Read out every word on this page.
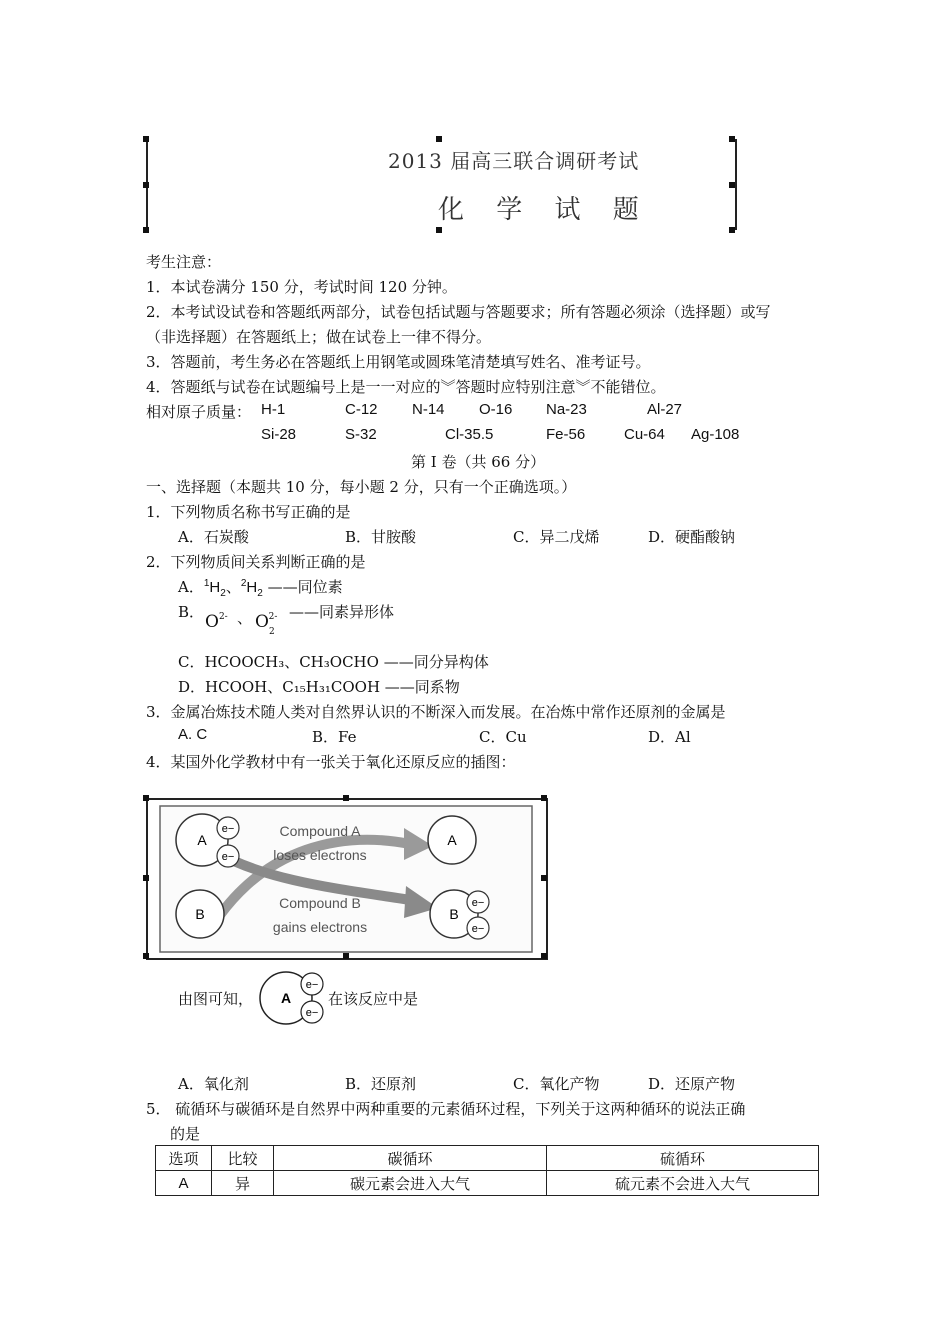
2013 届高三联合调研考试
化 学 试 题
考生注意：
1．本试卷满分 150 分，考试时间 120 分钟。
2．本考试设试卷和答题纸两部分，试卷包括试题与答题要求；所有答题必须涂（选择题）或写
（非选择题）在答题纸上；做在试卷上一律不得分。
3．答题前，考生务必在答题纸上用钢笔或圆珠笔清楚填写姓名、准考证号。
4．答题纸与试卷在试题编号上是一一对应的︾答题时应特别注意︾不能错位。
相对原子质量： H-1	C-12 N-14 O-16 Na-23	Al-27
Si-28	S-32	Cl-35.5	Fe-56	Cu-64 Ag-108
第 I 卷（共 66 分）
一、选择题（本题共 10 分，每小题 2 分，只有一个正确选项。）
1．下列物质名称书写正确的是
A．石炭酸	B．甘胺酸	C．异二戊烯	D．硬酯酸钠
2．下列物质间关系判断正确的是
A．$^1H_2$、$^2H_2$ ——同位素
B． $O^{2-}$ 、 $O_2^{2-}$ ——同素异形体
C．HCOOCH₃、CH₃OCHO ——同分异构体
D．HCOOH、C₁₅H₃₁COOH ——同系物
3．金属冶炼技术随人类对自然界认识的不断深入而发展。在冶炼中常作还原剂的金属是
A. C	B．Fe	C．Cu	D．Al
4．某国外化学教材中有一张关于氧化还原反应的插图：
A
e−
e−
B
A
B
e−
e−
Compound A
loses electrons
Compound B
gains electrons
由图可知， A
e−
e−
在该反应中是
A．氧化剂	B．还原剂	C．氧化产物	D．还原产物
5． 硫循环与碳循环是自然界中两种重要的元素循环过程，下列关于这两种循环的说法正确
的是
选项	比较	碳循环	硫循环
A	异	碳元素会进入大气	硫元素不会进入大气
